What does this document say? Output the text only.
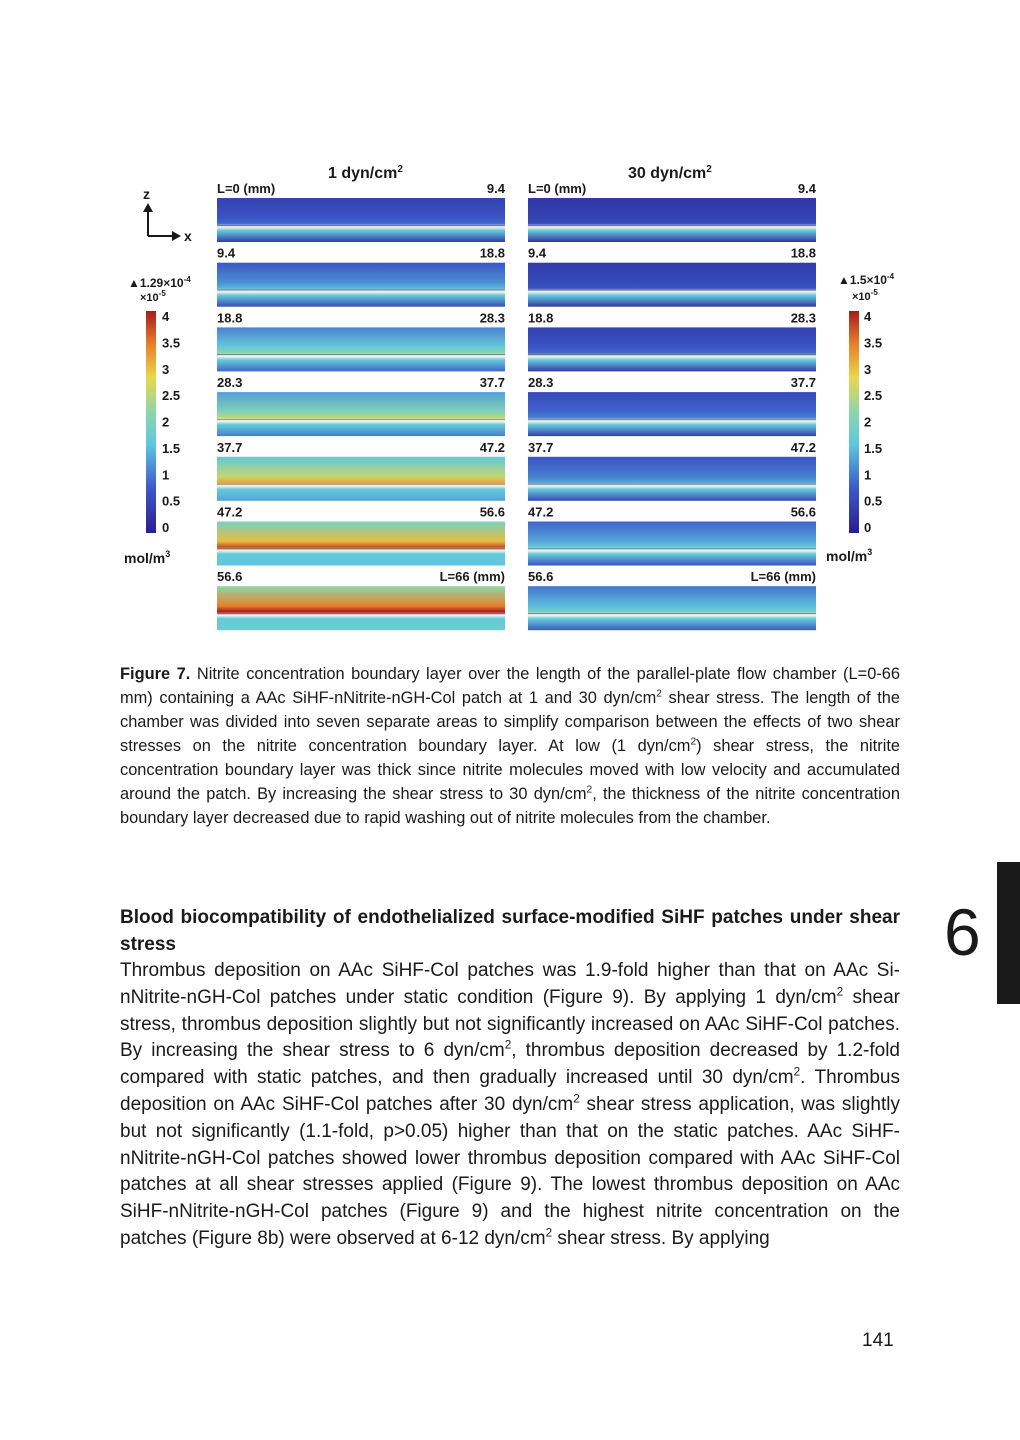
1 dyn/$cm^2$	30 dyn/$cm^2$
z
x
$▲1.29\times 10^{-4}$
$\times 10^{-5}$
4
3.5
3
2.5
2
1.5
1
0.5
0
mol/$m^3$
$▲1.5\times 10^{-4}$
$\times 10^{-5}$
4
3.5
3
2.5
2
1.5
1
0.5
0
mol/$m^3$
L=0 (mm)	9.4
9.4	18.8
18.8	28.3
28.3	37.7
37.7	47.2
47.2	56.6
56.6	L=66 (mm)
L=0 (mm)	9.4
9.4	18.8
18.8	28.3
28.3	37.7
37.7	47.2
47.2	56.6
56.6	L=66 (mm)
Figure 7. Nitrite concentration boundary layer over the length of the parallel-plate flow chamber (L=0-66 mm) containing a AAc SiHF-nNitrite-nGH-Col patch at 1 and 30 dyn/$cm^2$ shear stress. The length of the chamber was divided into seven separate areas to simplify comparison between the effects of two shear stresses on the nitrite concentration boundary layer. At low (1 dyn/$cm^2$) shear stress, the nitrite concentration boundary layer was thick since nitrite molecules moved with low velocity and accumulated around the patch. By increasing the shear stress to 30 dyn/$cm^2$, the thickness of the nitrite concentration boundary layer decreased due to rapid washing out of nitrite molecules from the chamber.
Blood biocompatibility of endothelialized surface-modified SiHF patches under shear stress
Thrombus deposition on AAc SiHF-Col patches was 1.9-fold higher than that on AAc Si-nNitrite-nGH-Col patches under static condition (Figure 9). By applying 1 dyn/$cm^2$ shear stress, thrombus deposition slightly but not significantly increased on AAc SiHF-Col patches. By increasing the shear stress to 6 dyn/$cm^2$, thrombus deposition decreased by 1.2-fold compared with static patches, and then gradually increased until 30 dyn/$cm^2$. Thrombus deposition on AAc SiHF-Col patches after 30 dyn/$cm^2$ shear stress application, was slightly but not significantly (1.1-fold, p>0.05) higher than that on the static patches. AAc SiHF-nNitrite-nGH-Col patches showed lower thrombus deposition compared with AAc SiHF-Col patches at all shear stresses applied (Figure 9). The lowest thrombus deposition on AAc SiHF-nNitrite-nGH-Col patches (Figure 9) and the highest nitrite concentration on the patches (Figure 8b) were observed at 6-12 dyn/$cm^2$ shear stress. By applying
6
141
